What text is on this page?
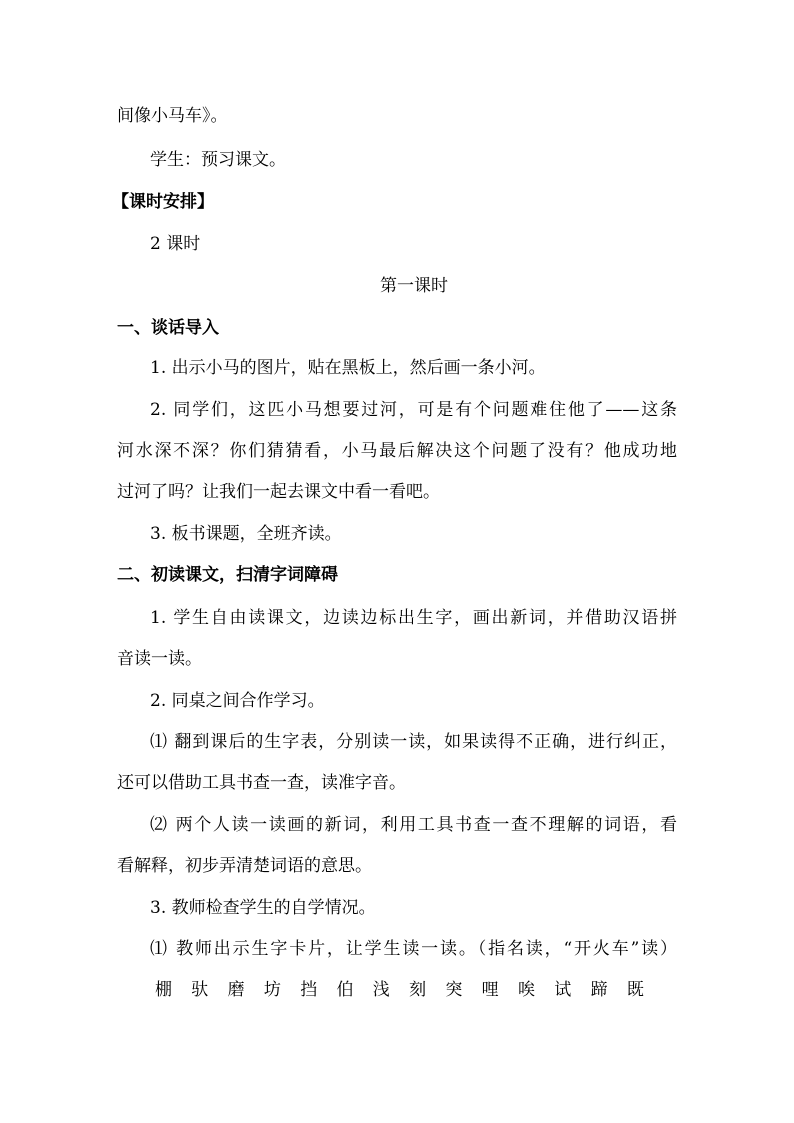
间像小马车》。
学生：预习课文。
【课时安排】
2 课时
第一课时
一、谈话导入
1. 出示小马的图片，贴在黑板上，然后画一条小河。
2. 同学们，这匹小马想要过河，可是有个问题难住他了——这条
河水深不深？你们猜猜看，小马最后解决这个问题了没有？他成功地
过河了吗？让我们一起去课文中看一看吧。
3. 板书课题，全班齐读。
二、初读课文，扫清字词障碍
1. 学生自由读课文，边读边标出生字，画出新词，并借助汉语拼
音读一读。
2. 同桌之间合作学习。
⑴ 翻到课后的生字表，分别读一读，如果读得不正确，进行纠正，
还可以借助工具书查一查，读准字音。
⑵ 两个人读一读画的新词，利用工具书查一查不理解的词语，看
看解释，初步弄清楚词语的意思。
3. 教师检查学生的自学情况。
⑴ 教师出示生字卡片，让学生读一读。（指名读，“开火车”读）
棚	驮	磨	坊	挡	伯	浅	刻	突	哩	唉	试	蹄	既
